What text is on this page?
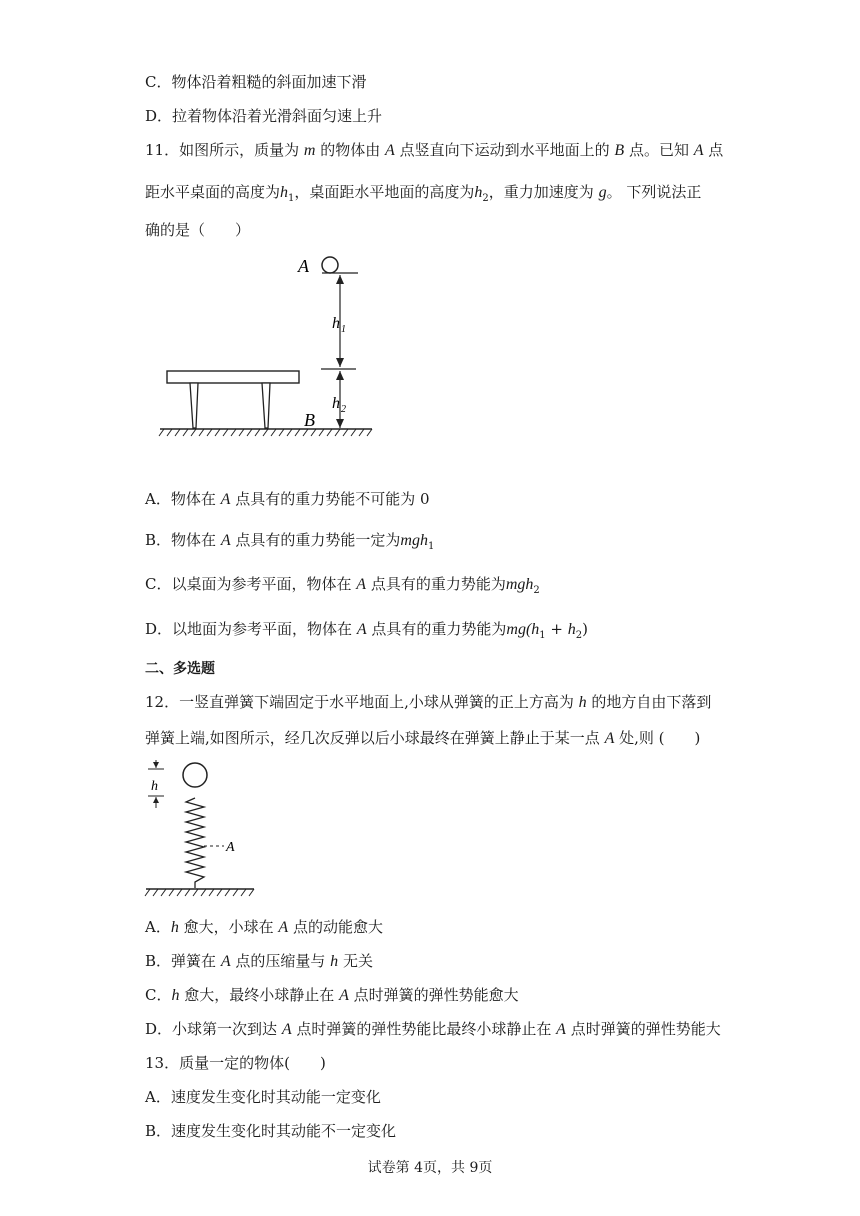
C．物体沿着粗糙的斜面加速下滑
D．拉着物体沿着光滑斜面匀速上升
11．如图所示，质量为 m 的物体由 A 点竖直向下运动到水平地面上的 B 点。已知 A 点
距水平桌面的高度为$h_1$，桌面距水平地面的高度为$h_2$，重力加速度为 g。 下列说法正
确的是（　　）
A
h 1
h 2
B
A．物体在 A 点具有的重力势能不可能为 0
B．物体在 A 点具有的重力势能一定为mgh$_1$
C．以桌面为参考平面，物体在 A 点具有的重力势能为mgh$_2$
D．以地面为参考平面，物体在 A 点具有的重力势能为$mg(h_1 + h_2)$
二、多选题
12．一竖直弹簧下端固定于水平地面上,小球从弹簧的正上方高为 h 的地方自由下落到
弹簧上端,如图所示，经几次反弹以后小球最终在弹簧上静止于某一点 A 处,则 (　　)
h
A
A．h 愈大，小球在 A 点的动能愈大
B．弹簧在 A 点的压缩量与 h 无关
C．h 愈大，最终小球静止在 A 点时弹簧的弹性势能愈大
D．小球第一次到达 A 点时弹簧的弹性势能比最终小球静止在 A 点时弹簧的弹性势能大
13．质量一定的物体(　　)
A．速度发生变化时其动能一定变化
B．速度发生变化时其动能不一定变化
试卷第 4页，共 9页
